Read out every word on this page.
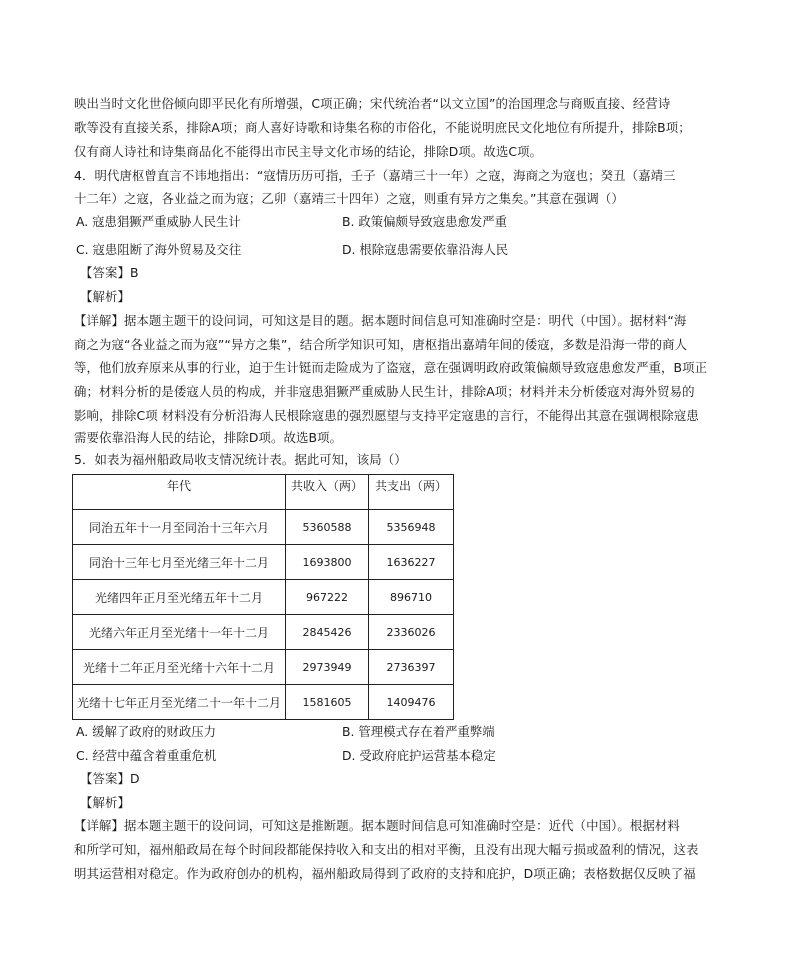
映出当时文化世俗倾向即平民化有所增强，C项正确；宋代统治者“以文立国”的治国理念与商贩直接、经营诗
歌等没有直接关系，排除A项；商人喜好诗歌和诗集名称的市俗化，不能说明庶民文化地位有所提升，排除B项；
仅有商人诗社和诗集商品化不能得出市民主导文化市场的结论，排除D项。故选C项。
4．明代唐枢曾直言不讳地指出：“寇情历历可指，壬子（嘉靖三十一年）之寇，海商之为寇也；癸丑（嘉靖三
十二年）之寇，各业益之而为寇；乙卯（嘉靖三十四年）之寇，则重有异方之集矣。”其意在强调（）
A. 寇患猖獗严重威胁人民生计	B. 政策偏颇导致寇患愈发严重
C. 寇患阻断了海外贸易及交往	D. 根除寇患需要依靠沿海人民
【答案】B
【解析】
【详解】据本题主题干的设问词，可知这是目的题。据本题时间信息可知准确时空是：明代（中国）。据材料“海
商之为寇“各业益之而为寇”“异方之集”，结合所学知识可知，唐枢指出嘉靖年间的倭寇，多数是沿海一带的商人
等，他们放弃原来从事的行业，迫于生计铤而走险成为了盗寇，意在强调明政府政策偏颇导致寇患愈发严重，B项正
确；材料分析的是倭寇人员的构成，并非寇患猖獗严重威胁人民生计，排除A项；材料并未分析倭寇对海外贸易的
影响，排除C项 材料没有分析沿海人民根除寇患的强烈愿望与支持平定寇患的言行，不能得出其意在强调根除寇患
需要依靠沿海人民的结论，排除D项。故选B项。
5．如表为福州船政局收支情况统计表。据此可知，该局（）
年代	共收入（两）	共支出（两）
同治五年十一月至同治十三年六月	5360588	5356948
同治十三年七月至光绪三年十二月	1693800	1636227
光绪四年正月至光绪五年十二月	967222	896710
光绪六年正月至光绪十一年十二月	2845426	2336026
光绪十二年正月至光绪十六年十二月	2973949	2736397
光绪十七年正月至光绪二十一年十二月	1581605	1409476
A. 缓解了政府的财政压力	B. 管理模式存在着严重弊端
C. 经营中蕴含着重重危机	D. 受政府庇护运营基本稳定
【答案】D
【解析】
【详解】据本题主题干的设问词，可知这是推断题。据本题时间信息可知准确时空是：近代（中国）。根据材料
和所学可知，福州船政局在每个时间段都能保持收入和支出的相对平衡，且没有出现大幅亏损或盈利的情况，这表
明其运营相对稳定。作为政府创办的机构，福州船政局得到了政府的支持和庇护，D项正确；表格数据仅反映了福
